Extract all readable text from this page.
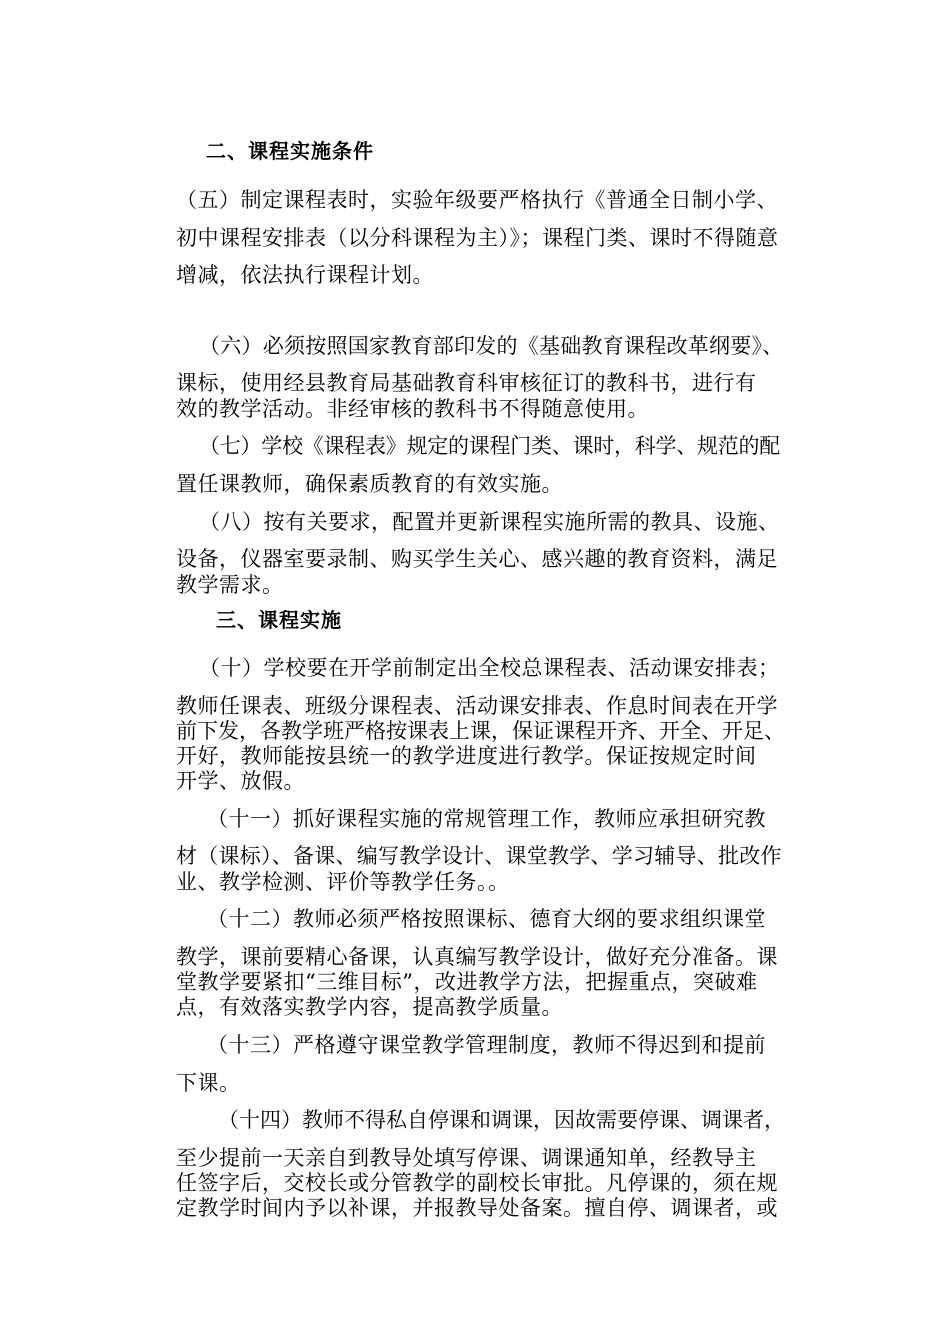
二、课程实施条件
（五）制定课程表时，实验年级要严格执行《普通全日制小学、
初中课程安排表（以分科课程为主）》；课程门类、课时不得随意
增减，依法执行课程计划。
（六）必须按照国家教育部印发的《基础教育课程改革纲要》、
课标，使用经县教育局基础教育科审核征订的教科书，进行有
效的教学活动。非经审核的教科书不得随意使用。
（七）学校《课程表》规定的课程门类、课时，科学、规范的配
置任课教师，确保素质教育的有效实施。
（八）按有关要求，配置并更新课程实施所需的教具、设施、
设备，仪器室要录制、购买学生关心、感兴趣的教育资料，满足
教学需求。
三、课程实施
（十）学校要在开学前制定出全校总课程表、活动课安排表；
教师任课表、班级分课程表、活动课安排表、作息时间表在开学
前下发，各教学班严格按课表上课，保证课程开齐、开全、开足、
开好，教师能按县统一的教学进度进行教学。保证按规定时间
开学、放假。
（十一）抓好课程实施的常规管理工作，教师应承担研究教
材（课标）、备课、编写教学设计、课堂教学、学习辅导、批改作
业、教学检测、评价等教学任务。。
（十二）教师必须严格按照课标、德育大纲的要求组织课堂
教学，课前要精心备课，认真编写教学设计，做好充分准备。课
堂教学要紧扣“三维目标”，改进教学方法，把握重点，突破难
点，有效落实教学内容，提高教学质量。
（十三）严格遵守课堂教学管理制度，教师不得迟到和提前
下课。
（十四）教师不得私自停课和调课，因故需要停课、调课者，
至少提前一天亲自到教导处填写停课、调课通知单，经教导主
任签字后，交校长或分管教学的副校长审批。凡停课的，须在规
定教学时间内予以补课，并报教导处备案。擅自停、调课者，或
